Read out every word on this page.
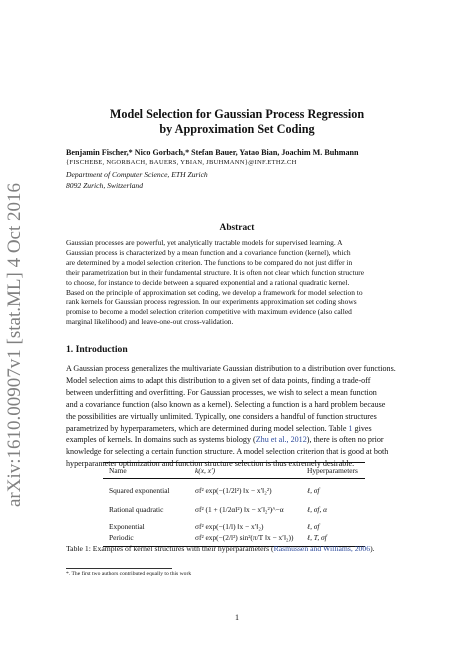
arXiv:1610.00907v1 [stat.ML] 4 Oct 2016
Model Selection for Gaussian Process Regression
by Approximation Set Coding
Benjamin Fischer,* Nico Gorbach,* Stefan Bauer, Yatao Bian, Joachim M. Buhmann
{FISCHEBE, NGORBACH, BAUERS, YBIAN, JBUHMANN}@INF.ETHZ.CH
Department of Computer Science, ETH Zurich
8092 Zurich, Switzerland
Abstract
Gaussian processes are powerful, yet analytically tractable models for supervised learning. A
Gaussian process is characterized by a mean function and a covariance function (kernel), which
are determined by a model selection criterion. The functions to be compared do not just differ in
their parametrization but in their fundamental structure. It is often not clear which function structure
to choose, for instance to decide between a squared exponential and a rational quadratic kernel.
Based on the principle of approximation set coding, we develop a framework for model selection to
rank kernels for Gaussian process regression. In our experiments approximation set coding shows
promise to become a model selection criterion competitive with maximum evidence (also called
marginal likelihood) and leave-one-out cross-validation.
1. Introduction
A Gaussian process generalizes the multivariate Gaussian distribution to a distribution over functions.
Model selection aims to adapt this distribution to a given set of data points, finding a trade-off
between underfitting and overfitting. For Gaussian processes, we wish to select a mean function
and a covariance function (also known as a kernel). Selecting a function is a hard problem because
the possibilities are virtually unlimited. Typically, one considers a handful of function structures
parametrized by hyperparameters, which are determined during model selection. Table 1 gives
examples of kernels. In domains such as systems biology (Zhu et al., 2012), there is often no prior
knowledge for selecting a certain function structure. A model selection criterion that is good at both
hyperparameter optimization and function structure selection is thus extremely desirable.
Name	k(x, x′)	Hyperparameters
Squared exponential	σf² exp(−(1/2l²) ‖x − x′‖₂²)	ℓ, σf
Rational quadratic	σf² (1 + (1/2αl²) ‖x − x′‖₂²)^−α	ℓ, σf, α
Exponential	σf² exp(−(1/l) ‖x − x′‖₂)	ℓ, σf
Periodic	σf² exp(−(2/l²) sin²(π/T ‖x − x′‖₂)) ℓ, T, σf
Table 1: Examples of kernel structures with their hyperparameters (Rasmussen and Williams, 2006).
*. The first two authors contributed equally to this work
1
